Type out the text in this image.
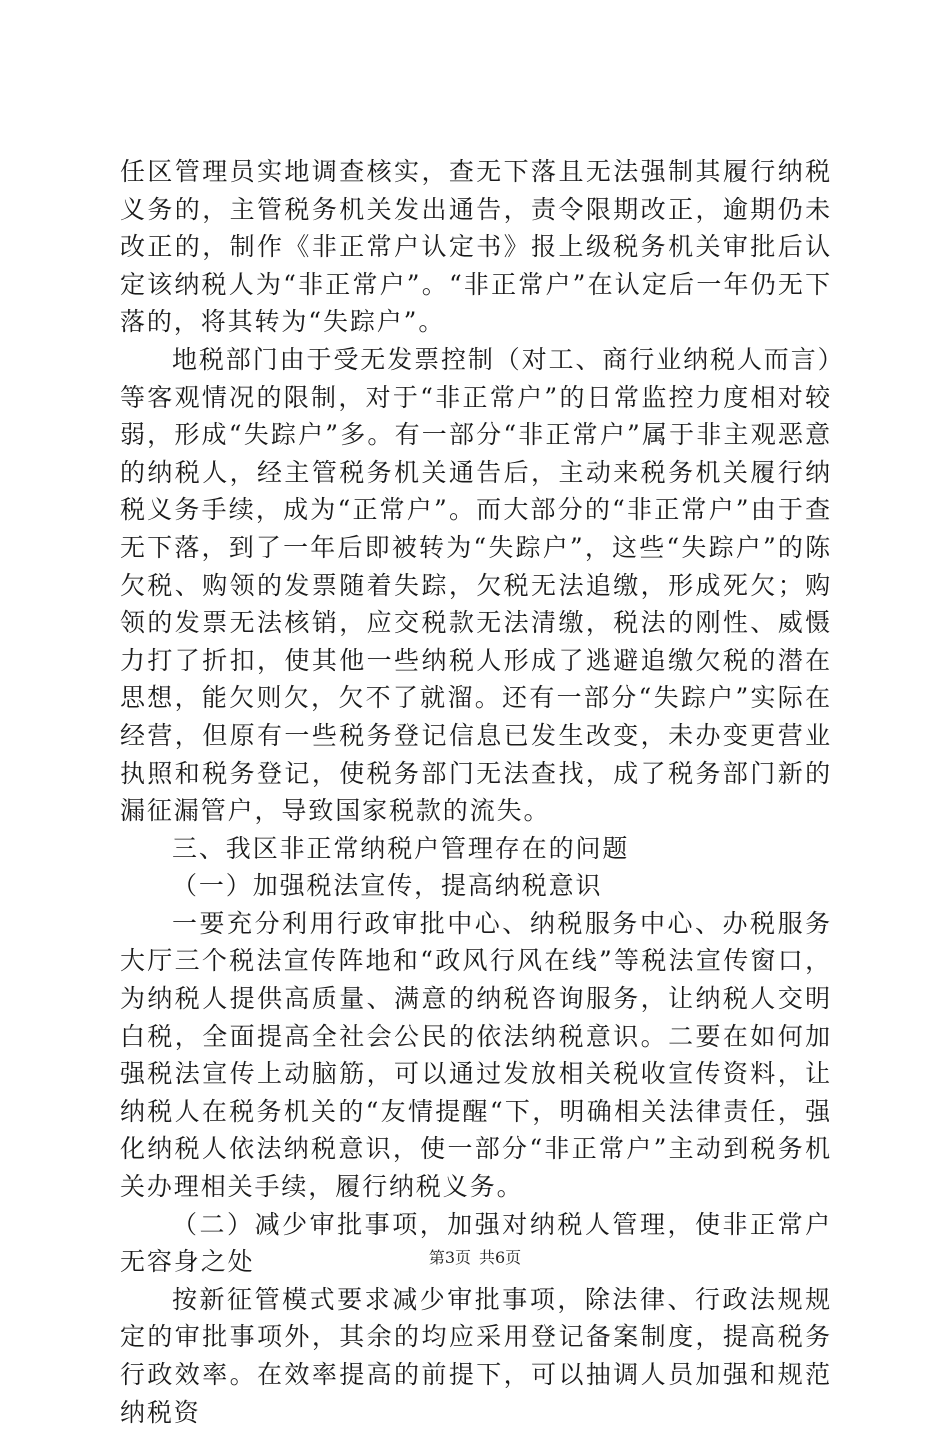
任区管理员实地调查核实，查无下落且无法强制其履行纳税义务的，主管税务机关发出通告，责令限期改正，逾期仍未改正的，制作《非正常户认定书》报上级税务机关审批后认定该纳税人为“非正常户”。“非正常户”在认定后一年仍无下落的，将其转为“失踪户”。

地税部门由于受无发票控制（对工、商行业纳税人而言）等客观情况的限制，对于“非正常户”的日常监控力度相对较弱，形成“失踪户”多。有一部分“非正常户”属于非主观恶意的纳税人，经主管税务机关通告后，主动来税务机关履行纳税义务手续，成为“正常户”。而大部分的“非正常户”由于查无下落，到了一年后即被转为“失踪户”，这些“失踪户”的陈欠税、购领的发票随着失踪，欠税无法追缴，形成死欠；购领的发票无法核销，应交税款无法清缴，税法的刚性、威慑力打了折扣，使其他一些纳税人形成了逃避追缴欠税的潜在思想，能欠则欠，欠不了就溜。还有一部分“失踪户”实际在经营，但原有一些税务登记信息已发生改变，未办变更营业执照和税务登记，使税务部门无法查找，成了税务部门新的漏征漏管户，导致国家税款的流失。

三、我区非正常纳税户管理存在的问题

（一）加强税法宣传，提高纳税意识

一要充分利用行政审批中心、纳税服务中心、办税服务大厅三个税法宣传阵地和“政风行风在线”等税法宣传窗口，为纳税人提供高质量、满意的纳税咨询服务，让纳税人交明白税，全面提高全社会公民的依法纳税意识。二要在如何加强税法宣传上动脑筋，可以通过发放相关税收宣传资料，让纳税人在税务机关的“友情提醒“下，明确相关法律责任，强化纳税人依法纳税意识，使一部分“非正常户”主动到税务机关办理相关手续，履行纳税义务。

（二）减少审批事项，加强对纳税人管理，使非正常户无容身之处

按新征管模式要求减少审批事项，除法律、行政法规规定的审批事项外，其余的均应采用登记备案制度，提高税务行政效率。在效率提高的前提下，可以抽调人员加强和规范纳税资

第3页 共6页
